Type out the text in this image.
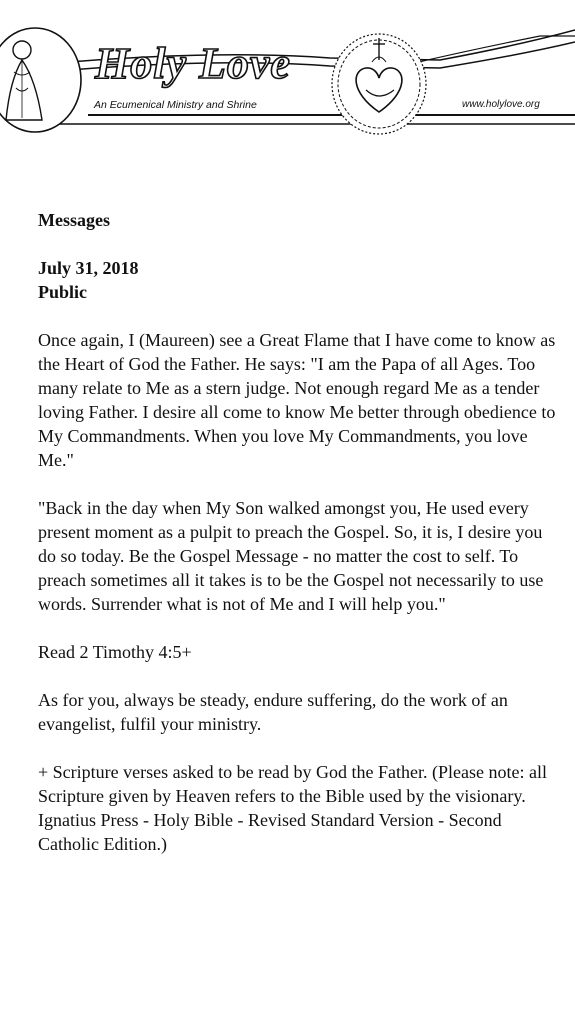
Holy Love
An Ecumenical Ministry and Shrine	www.holylove.org

Messages

July 31, 2018

Public

Once again, I (Maureen) see a Great Flame that I have come to know as the Heart of God the Father. He says: "I am the Papa of all Ages. Too many relate to Me as a stern judge. Not enough regard Me as a tender loving Father. I desire all come to know Me better through obedience to My Commandments. When you love My Commandments, you love Me."

"Back in the day when My Son walked amongst you, He used every present moment as a pulpit to preach the Gospel. So, it is, I desire you do so today. Be the Gospel Message - no matter the cost to self. To preach sometimes all it takes is to be the Gospel not necessarily to use words. Surrender what is not of Me and I will help you."

Read 2 Timothy 4:5+

As for you, always be steady, endure suffering, do the work of an evangelist, fulfil your ministry.

+ Scripture verses asked to be read by God the Father. (Please note: all Scripture given by Heaven refers to the Bible used by the visionary. Ignatius Press - Holy Bible - Revised Standard Version - Second Catholic Edition.)
